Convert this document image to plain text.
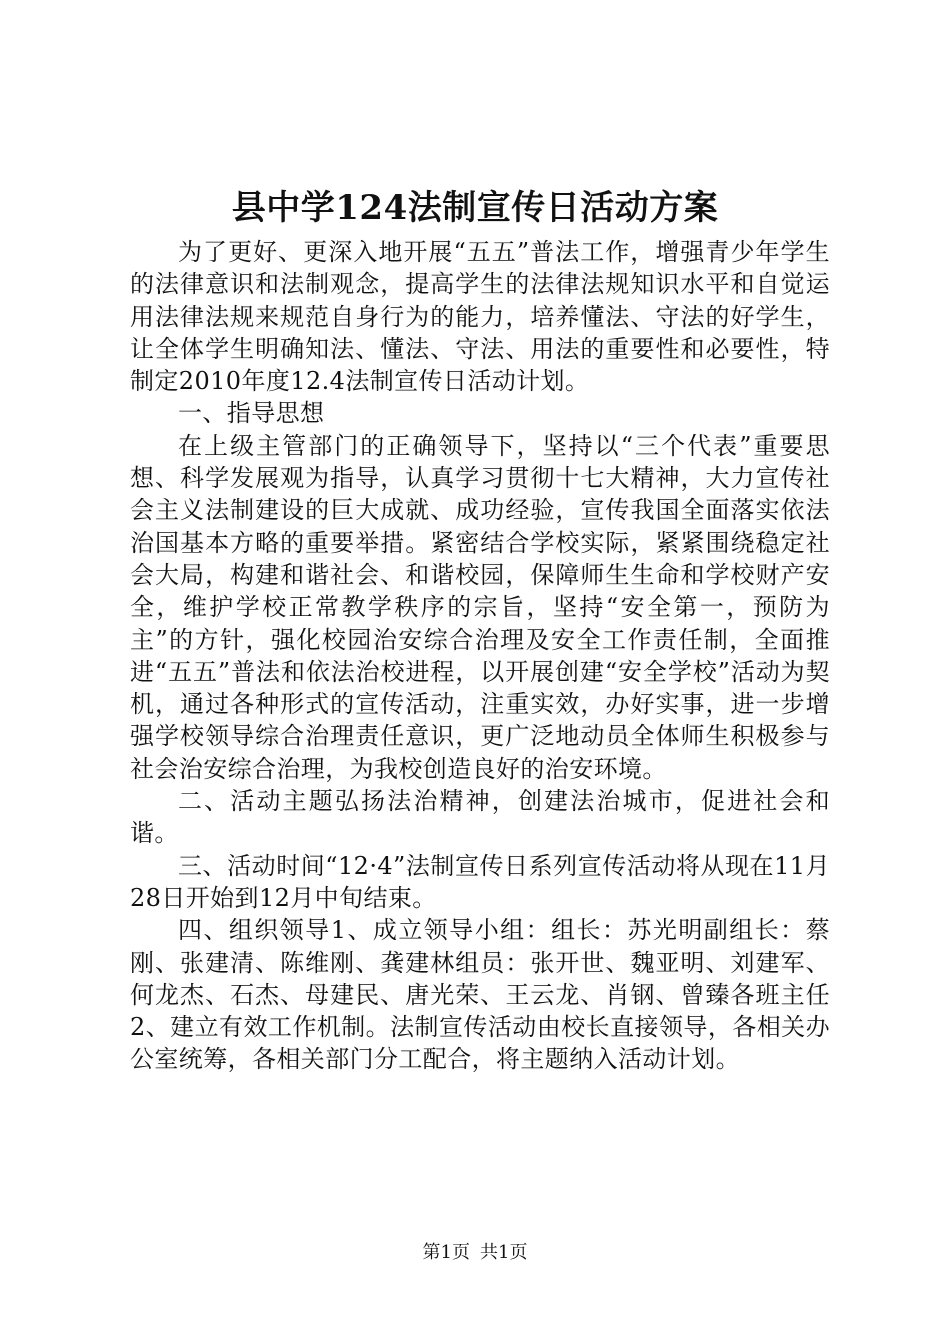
县中学124法制宣传日活动方案

为了更好、更深入地开展“五五”普法工作，增强青少年学生的法律意识和法制观念，提高学生的法律法规知识水平和自觉运用法律法规来规范自身行为的能力，培养懂法、守法的好学生，让全体学生明确知法、懂法、守法、用法的重要性和必要性，特制定2010年度12.4法制宣传日活动计划。

一、指导思想

在上级主管部门的正确领导下，坚持以“三个代表”重要思想、科学发展观为指导，认真学习贯彻十七大精神，大力宣传社会主义法制建设的巨大成就、成功经验，宣传我国全面落实依法治国基本方略的重要举措。紧密结合学校实际，紧紧围绕稳定社会大局，构建和谐社会、和谐校园，保障师生生命和学校财产安全，维护学校正常教学秩序的宗旨，坚持“安全第一，预防为主”的方针，强化校园治安综合治理及安全工作责任制，全面推进“五五”普法和依法治校进程，以开展创建“安全学校”活动为契机，通过各种形式的宣传活动，注重实效，办好实事，进一步增强学校领导综合治理责任意识，更广泛地动员全体师生积极参与社会治安综合治理，为我校创造良好的治安环境。

二、活动主题弘扬法治精神，创建法治城市，促进社会和谐。

三、活动时间“12·4”法制宣传日系列宣传活动将从现在11月28日开始到12月中旬结束。

四、组织领导1、成立领导小组：组长：苏光明副组长：蔡刚、张建清、陈维刚、龚建林组员：张开世、魏亚明、刘建军、何龙杰、石杰、母建民、唐光荣、王云龙、肖钢、曾臻各班主任2、建立有效工作机制。法制宣传活动由校长直接领导，各相关办公室统筹，各相关部门分工配合，将主题纳入活动计划。

第1页 共1页
